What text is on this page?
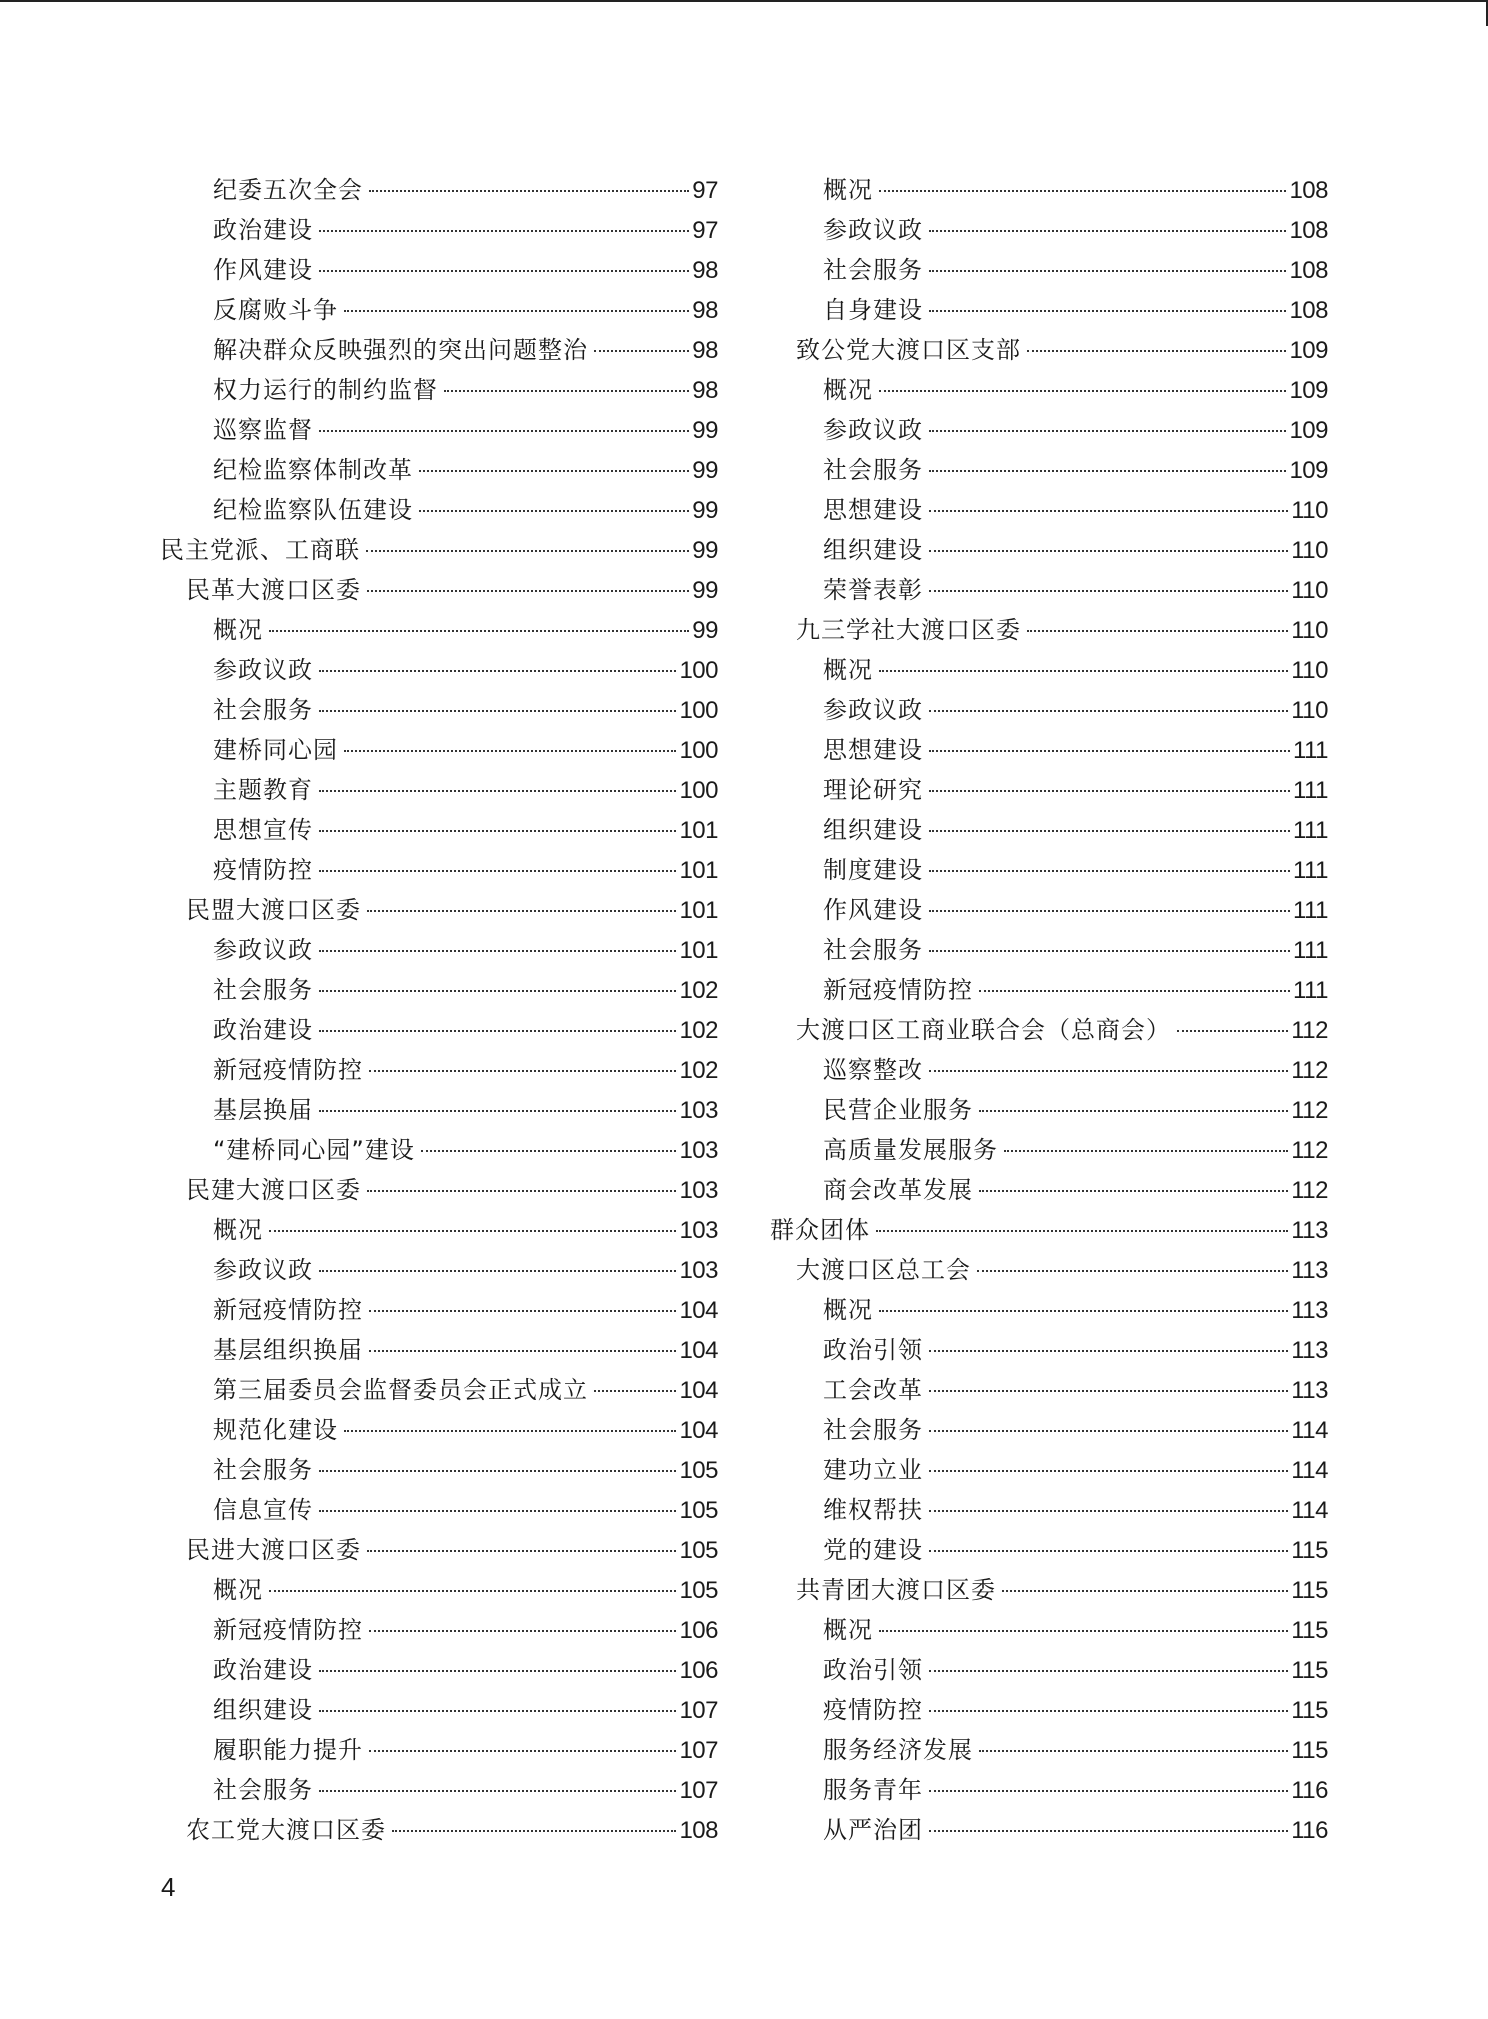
纪委五次全会	97
政治建设	97
作风建设	98
反腐败斗争	98
解决群众反映强烈的突出问题整治	98
权力运行的制约监督	98
巡察监督	99
纪检监察体制改革	99
纪检监察队伍建设	99
民主党派、工商联	99
民革大渡口区委	99
概况	99
参政议政	100
社会服务	100
建桥同心园	100
主题教育	100
思想宣传	101
疫情防控	101
民盟大渡口区委	101
参政议政	101
社会服务	102
政治建设	102
新冠疫情防控	102
基层换届	103
“建桥同心园”建设	103
民建大渡口区委	103
概况	103
参政议政	103
新冠疫情防控	104
基层组织换届	104
第三届委员会监督委员会正式成立	104
规范化建设	104
社会服务	105
信息宣传	105
民进大渡口区委	105
概况	105
新冠疫情防控	106
政治建设	106
组织建设	107
履职能力提升	107
社会服务	107
农工党大渡口区委	108
概况	108
参政议政	108
社会服务	108
自身建设	108
致公党大渡口区支部	109
概况	109
参政议政	109
社会服务	109
思想建设	110
组织建设	110
荣誉表彰	110
九三学社大渡口区委	110
概况	110
参政议政	110
思想建设	111
理论研究	111
组织建设	111
制度建设	111
作风建设	111
社会服务	111
新冠疫情防控	111
大渡口区工商业联合会（总商会）	112
巡察整改	112
民营企业服务	112
高质量发展服务	112
商会改革发展	112
群众团体	113
大渡口区总工会	113
概况	113
政治引领	113
工会改革	113
社会服务	114
建功立业	114
维权帮扶	114
党的建设	115
共青团大渡口区委	115
概况	115
政治引领	115
疫情防控	115
服务经济发展	115
服务青年	116
从严治团	116
4
